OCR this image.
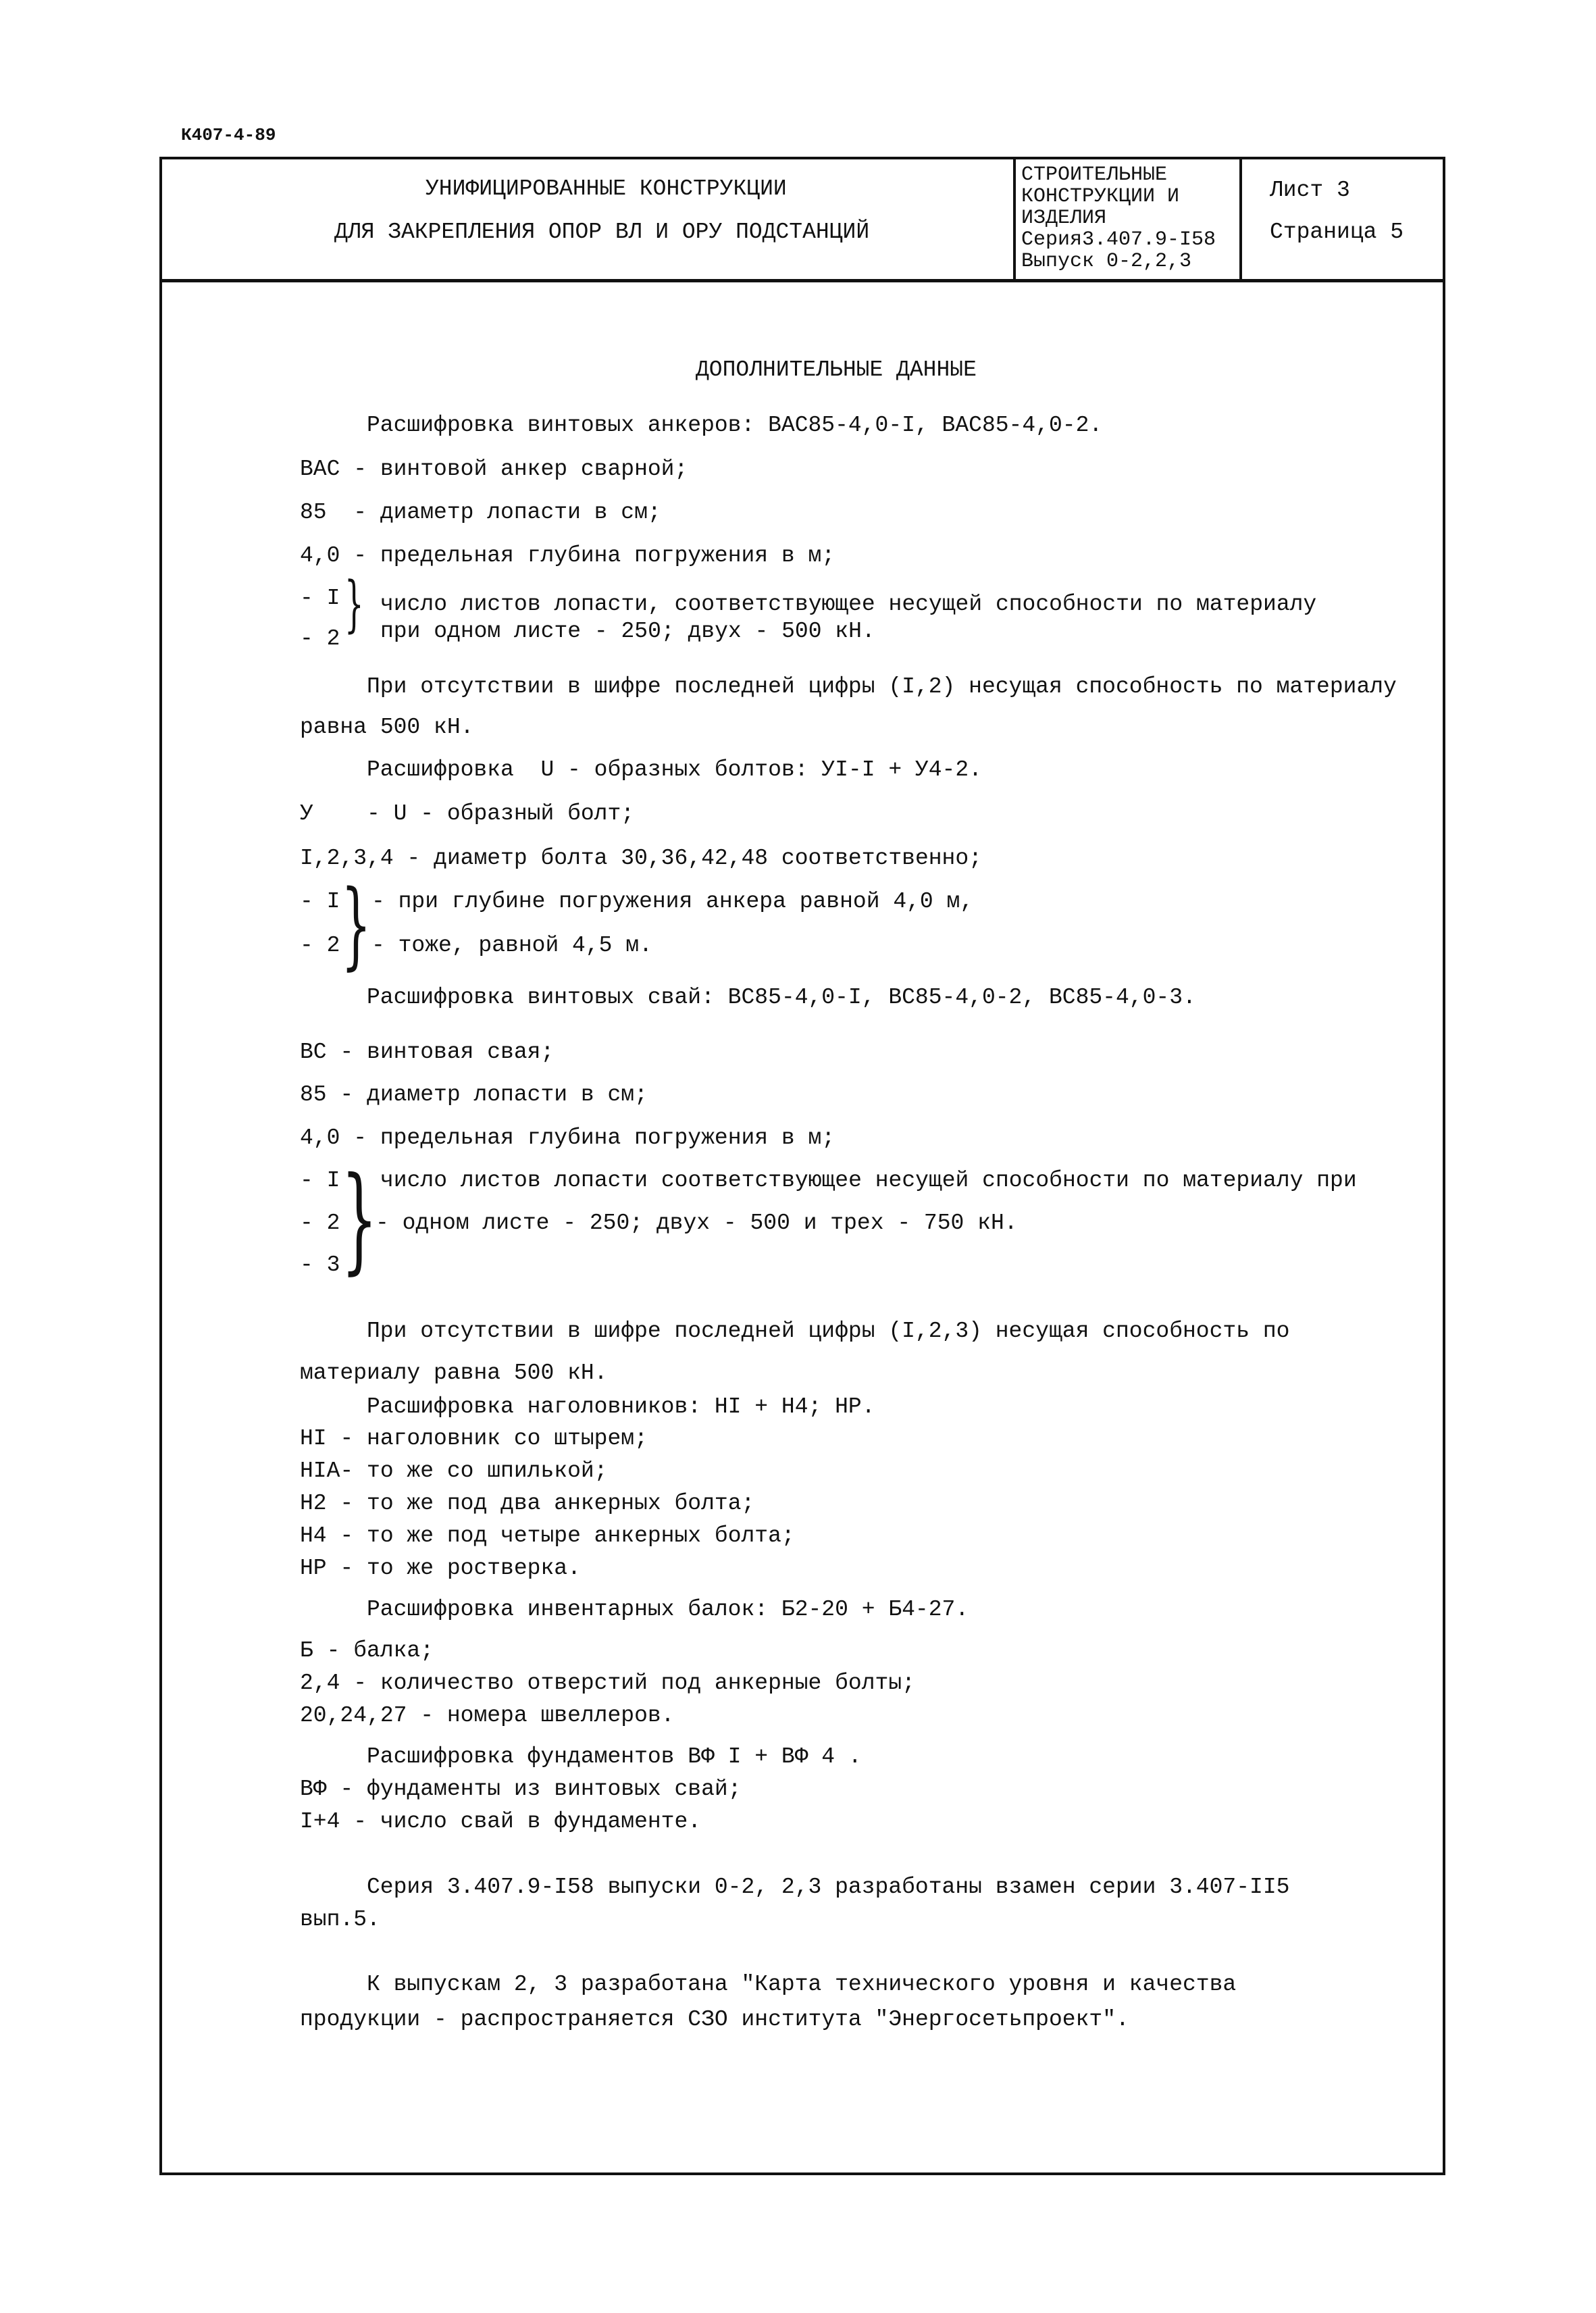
К407-4-89
УНИФИЦИРОВАННЫЕ КОНСТРУКЦИИ
ДЛЯ ЗАКРЕПЛЕНИЯ ОПОР ВЛ И ОРУ ПОДСТАНЦИЙ
СТРОИТЕЛЬНЫЕ
КОНСТРУКЦИИ И
ИЗДЕЛИЯ
Серия3.407.9-I58
Выпуск 0-2,2,3
Лист 3
Страница 5
ДОПОЛНИТЕЛЬНЫЕ ДАННЫЕ
Расшифровка винтовых анкеров: ВАС85-4,0-I, ВАС85-4,0-2.
ВАС - винтовой анкер сварной;
85  - диаметр лопасти в см;
4,0 - предельная глубина погружения в м;
- I
- 2 } число листов лопасти, соответствующее несущей способности по материалу
при одном листе - 250; двух - 500 кН.
При отсутствии в шифре последней цифры (I,2) несущая способность по материалу
равна 500 кН.
Расшифровка  U - образных болтов: УI-I + У4-2.
У    - U - образный болт;
I,2,3,4 - диаметр болта 30,36,42,48 соответственно;
- I - при глубине погружения анкера равной 4,0 м,
- 2 - тоже, равной 4,5 м.
}
Расшифровка винтовых свай: ВС85-4,0-I, ВС85-4,0-2, ВС85-4,0-3.
ВС - винтовая свая;
85 - диаметр лопасти в см;
4,0 - предельная глубина погружения в м;
- I число листов лопасти соответствующее несущей способности по материалу при
- 2 - одном листе - 250; двух - 500 и трех - 750 кН.
- 3 }
При отсутствии в шифре последней цифры (I,2,3) несущая способность по
материалу равна 500 кН.
Расшифровка наголовников: НI + Н4; НР.
НI - наголовник со штырем;
НIА- то же со шпилькой;
Н2 - то же под два анкерных болта;
Н4 - то же под четыре анкерных болта;
НР - то же ростверка.
Расшифровка инвентарных балок: Б2-20 + Б4-27.
Б - балка;
2,4 - количество отверстий под анкерные болты;
20,24,27 - номера швеллеров.
Расшифровка фундаментов ВФ I + ВФ 4 .
ВФ - фундаменты из винтовых свай;
I+4 - число свай в фундаменте.
Серия 3.407.9-I58 выпуски 0-2, 2,3 разработаны взамен серии 3.407-II5
вып.5.
К выпускам 2, 3 разработана "Карта технического уровня и качества
продукции - распространяется СЗО института "Энергосетьпроект".
